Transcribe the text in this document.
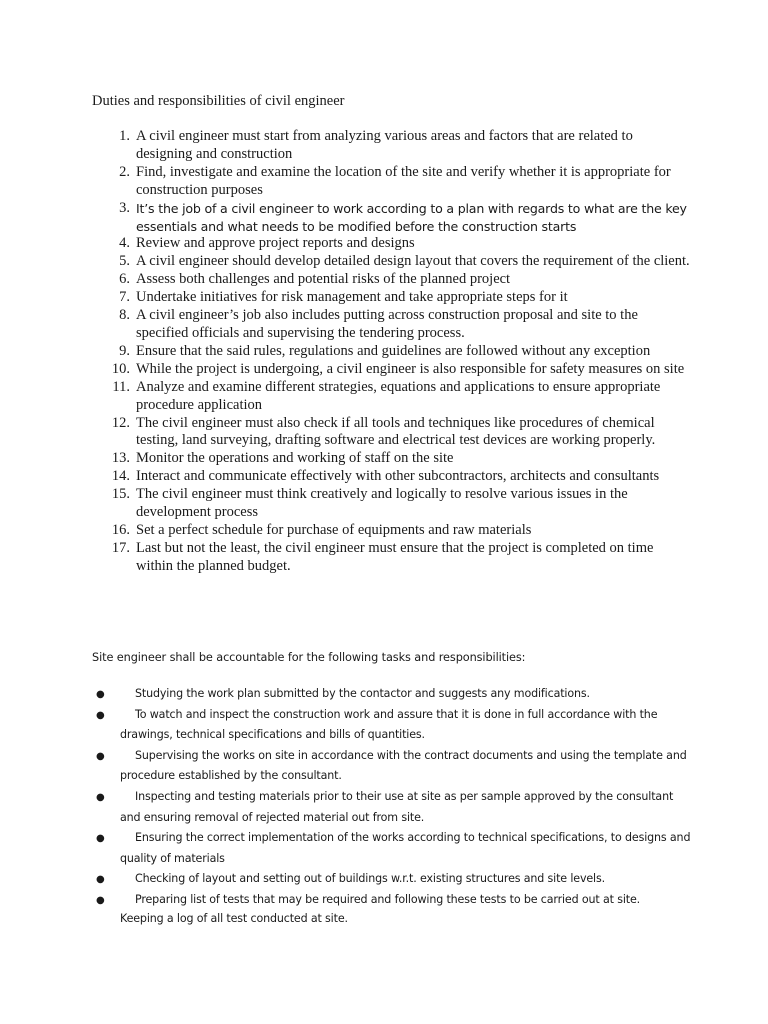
Duties and responsibilities of civil engineer
1. A civil engineer must start from analyzing various areas and factors that are related to designing and construction
2. Find, investigate and examine the location of the site and verify whether it is appropriate for construction purposes
3. It’s the job of a civil engineer to work according to a plan with regards to what are the key essentials and what needs to be modified before the construction starts
4. Review and approve project reports and designs
5. A civil engineer should develop detailed design layout that covers the requirement of the client.
6. Assess both challenges and potential risks of the planned project
7. Undertake initiatives for risk management and take appropriate steps for it
8. A civil engineer’s job also includes putting across construction proposal and site to the specified officials and supervising the tendering process.
9. Ensure that the said rules, regulations and guidelines are followed without any exception
10. While the project is undergoing, a civil engineer is also responsible for safety measures on site
11. Analyze and examine different strategies, equations and applications to ensure appropriate procedure application
12. The civil engineer must also check if all tools and techniques like procedures of chemical testing, land surveying, drafting software and electrical test devices are working properly.
13. Monitor the operations and working of staff on the site
14. Interact and communicate effectively with other subcontractors, architects and consultants
15. The civil engineer must think creatively and logically to resolve various issues in the development process
16. Set a perfect schedule for purchase of equipments and raw materials
17. Last but not the least, the civil engineer must ensure that the project is completed on time within the planned budget.
Site engineer shall be accountable for the following tasks and responsibilities:
●	Studying the work plan submitted by the contactor and suggests any modifications.
●	To watch and inspect the construction work and assure that it is done in full accordance with the drawings, technical specifications and bills of quantities.
●	Supervising the works on site in accordance with the contract documents and using the template and procedure established by the consultant.
●	Inspecting and testing materials prior to their use at site as per sample approved by the consultant and ensuring removal of rejected material out from site.
●	Ensuring the correct implementation of the works according to technical specifications, to designs and quality of materials
●	Checking of layout and setting out of buildings w.r.t. existing structures and site levels.
●	Preparing list of tests that may be required and following these tests to be carried out at site.
Keeping a log of all test conducted at site.
